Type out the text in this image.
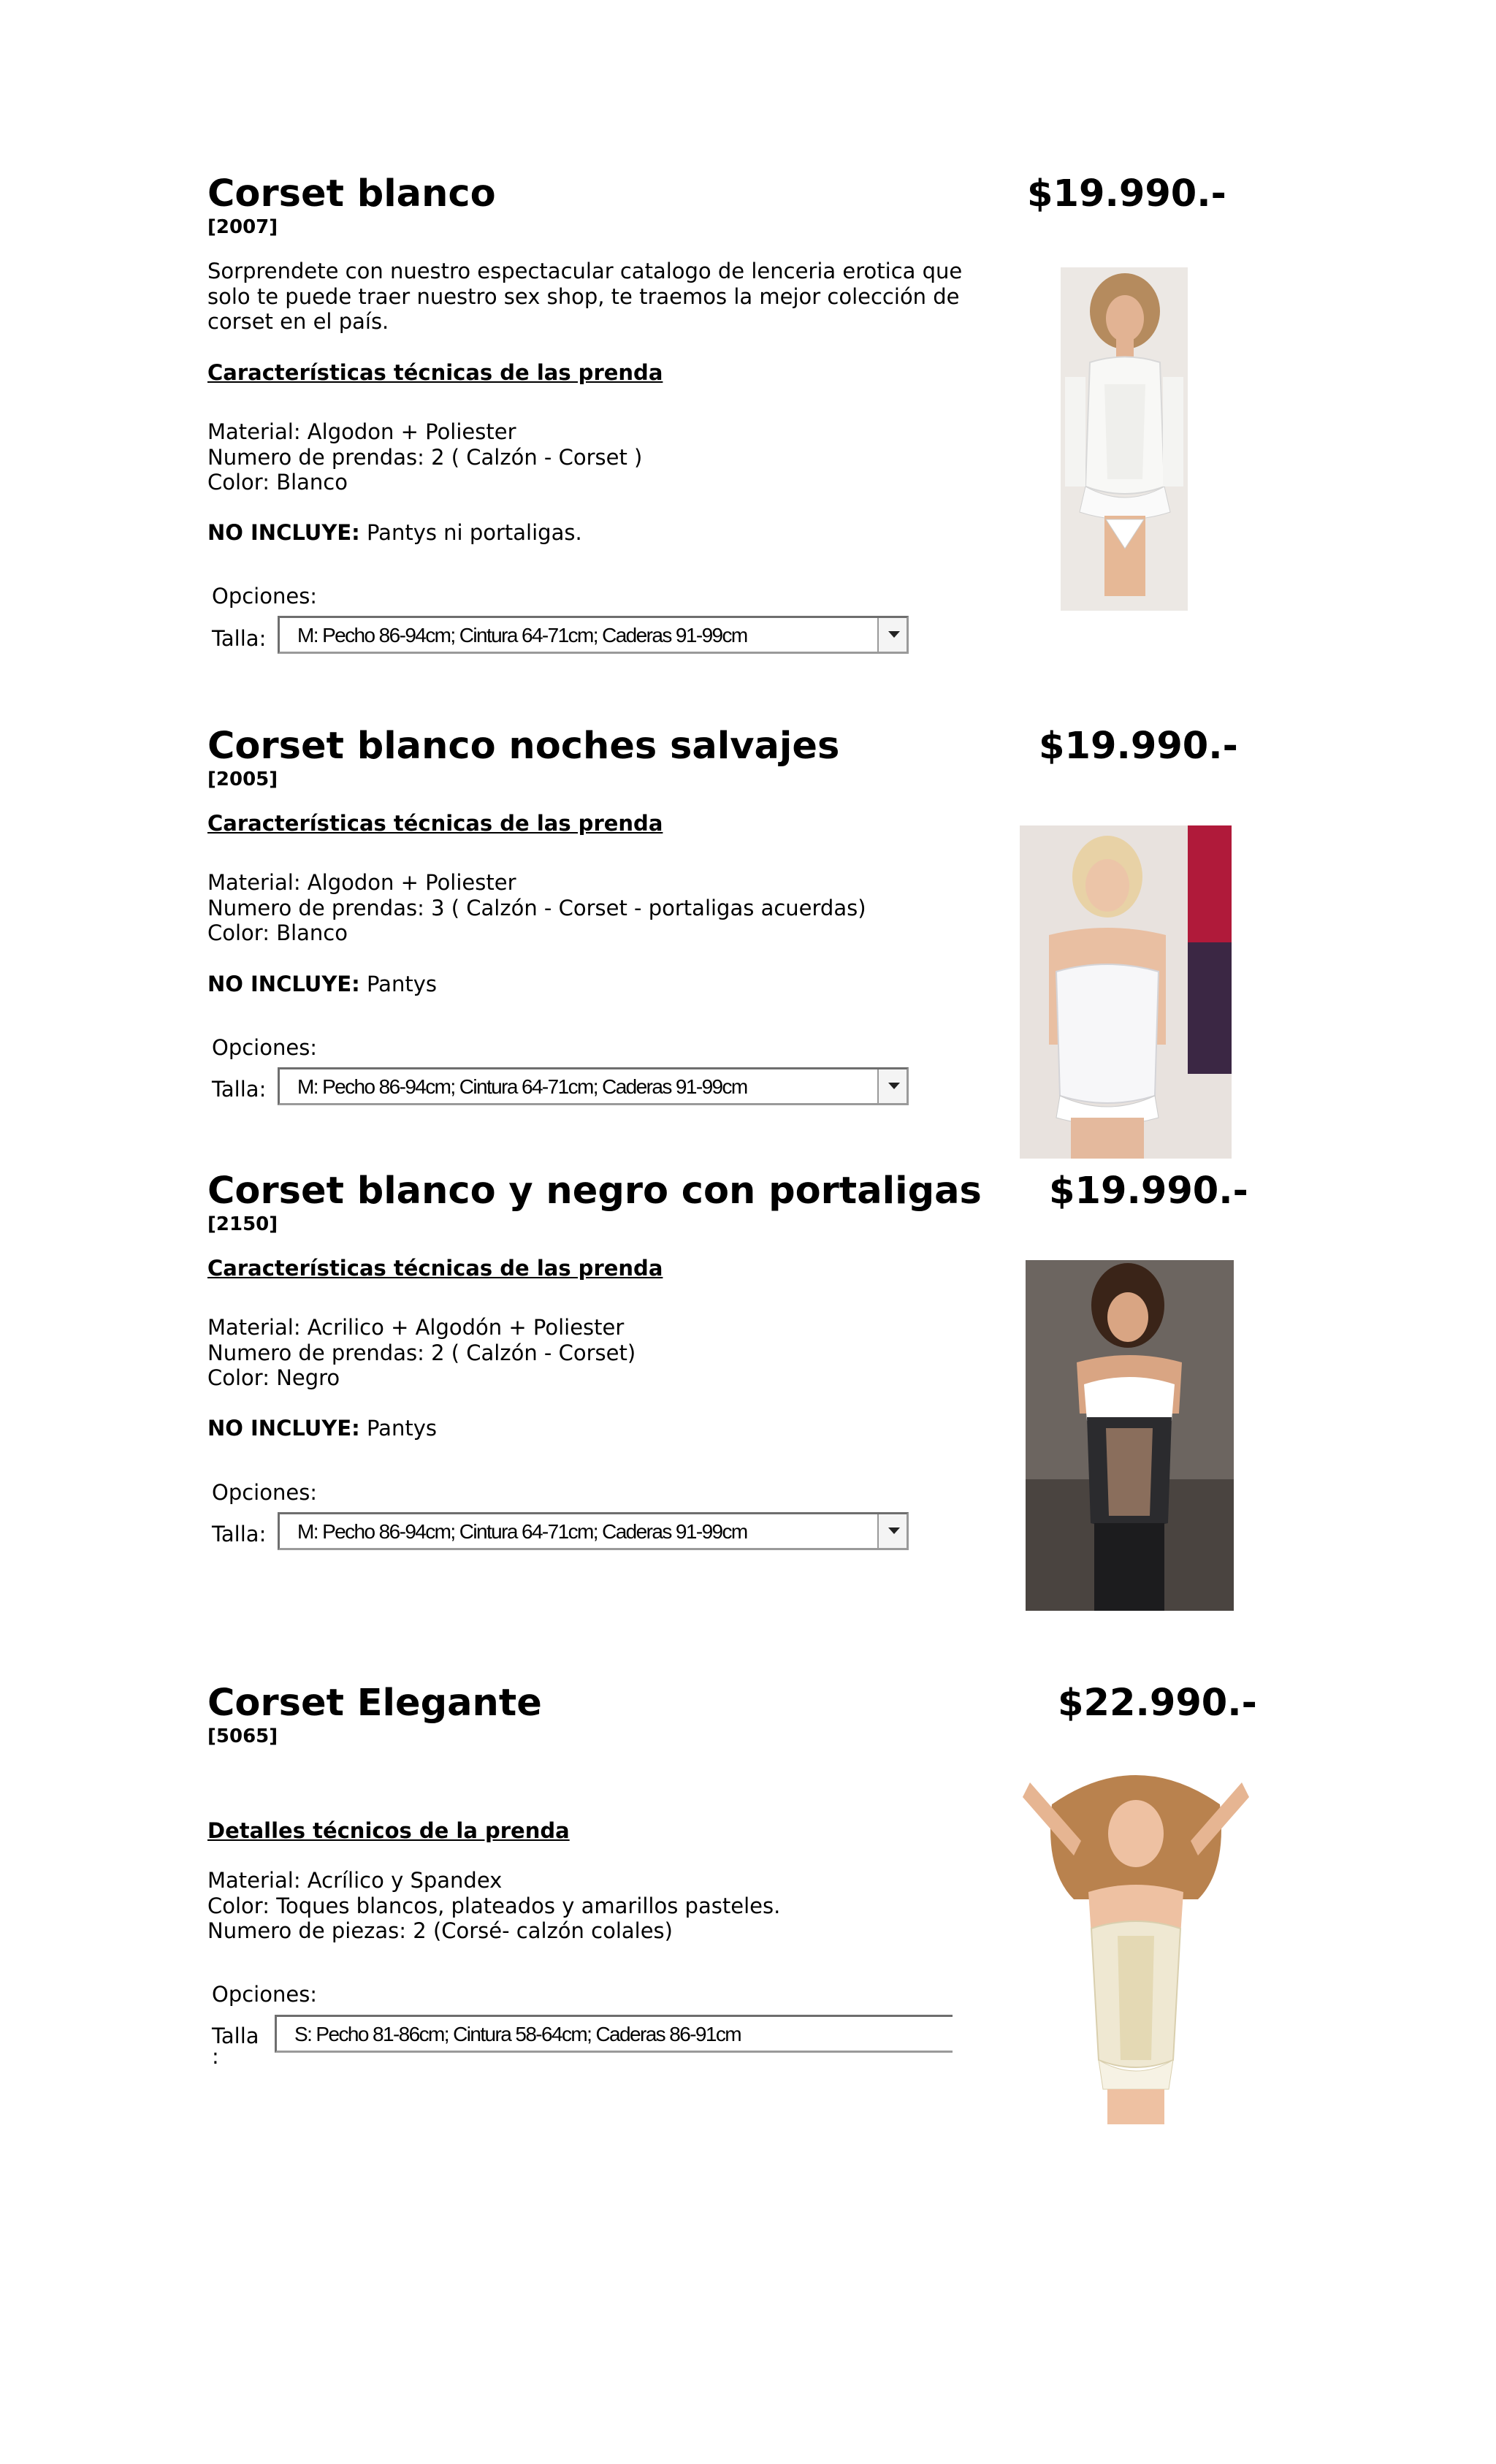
Corset blanco	$19.990.-
[2007]
Sorprendete con nuestro espectacular catalogo de lenceria erotica que
solo te puede traer nuestro sex shop, te traemos la mejor colección de
corset en el país.
Características técnicas de las prenda
Material: Algodon + Poliester
Numero de prendas: 2 ( Calzón - Corset )
Color: Blanco
NO INCLUYE: Pantys ni portaligas.
Opciones:
Talla: M: Pecho 86-94cm; Cintura 64-71cm; Caderas 91-99cm
Corset blanco noches salvajes	$19.990.-
[2005]
Características técnicas de las prenda
Material: Algodon + Poliester
Numero de prendas: 3 ( Calzón - Corset - portaligas acuerdas)
Color: Blanco
NO INCLUYE: Pantys
Opciones:
Talla: M: Pecho 86-94cm; Cintura 64-71cm; Caderas 91-99cm
Corset blanco y negro con portaligas $19.990.-
[2150]
Características técnicas de las prenda
Material: Acrilico + Algodón + Poliester
Numero de prendas: 2 ( Calzón - Corset)
Color: Negro
NO INCLUYE: Pantys
Opciones:
Talla: M: Pecho 86-94cm; Cintura 64-71cm; Caderas 91-99cm
Corset Elegante	$22.990.-
[5065]
Detalles técnicos de la prenda
Material: Acrílico y Spandex
Color: Toques blancos, plateados y amarillos pasteles.
Numero de piezas: 2 (Corsé- calzón colales)
Opciones:
Talla
:
S: Pecho 81-86cm; Cintura 58-64cm; Caderas 86-91cm
